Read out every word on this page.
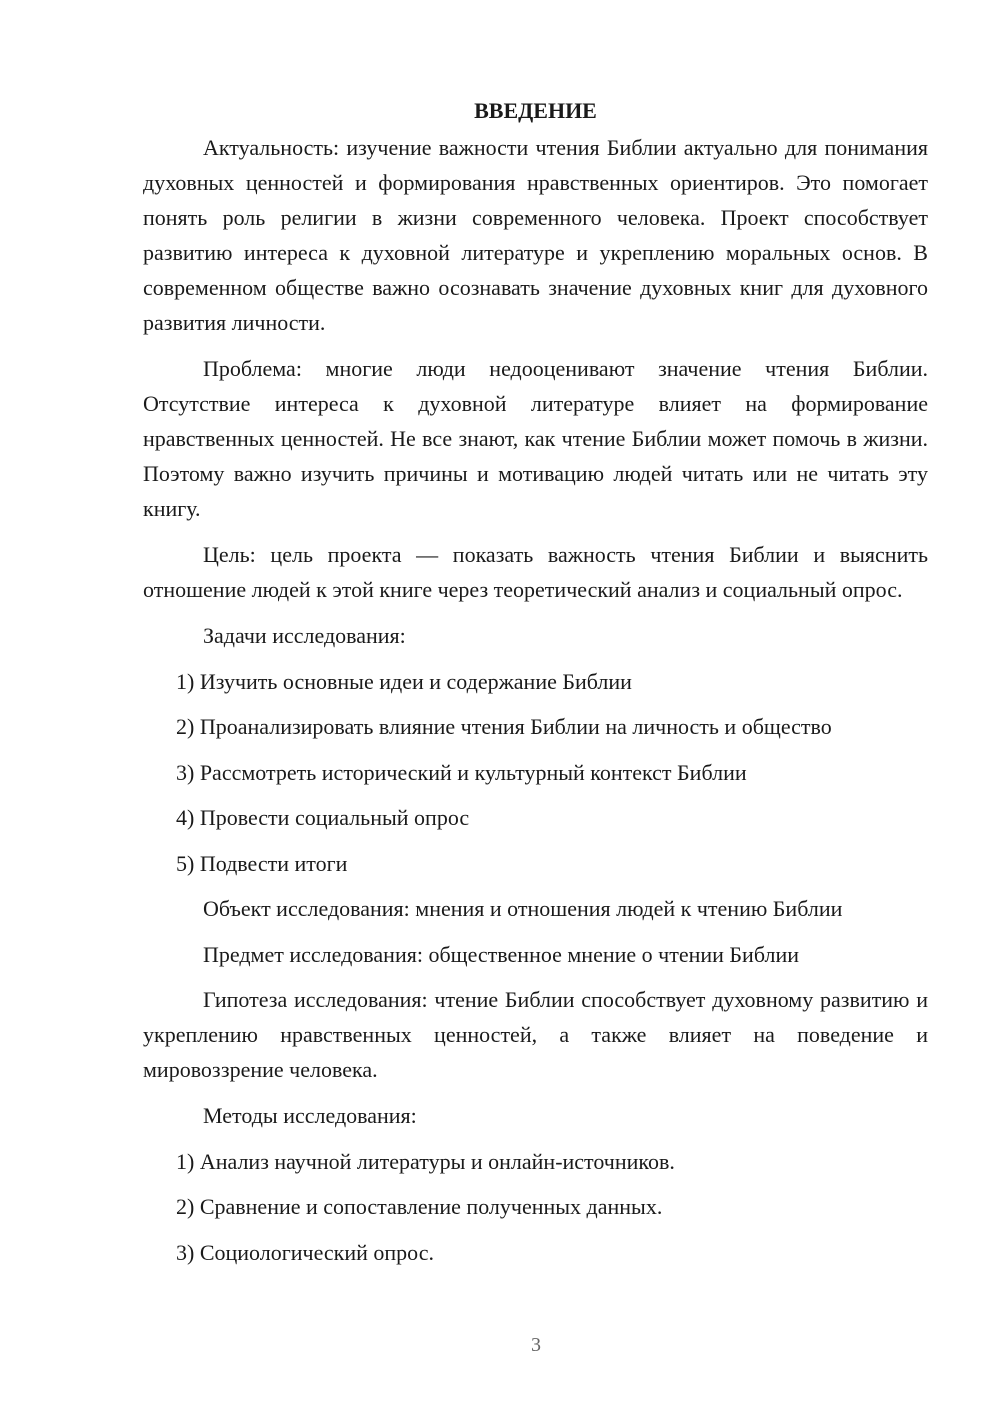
ВВЕДЕНИЕ

Актуальность: изучение важности чтения Библии актуально для понимания духовных ценностей и формирования нравственных ориентиров. Это помогает понять роль религии в жизни современного человека. Проект способствует развитию интереса к духовной литературе и укреплению моральных основ. В современном обществе важно осознавать значение духовных книг для духовного развития личности.

Проблема: многие люди недооценивают значение чтения Библии. Отсутствие интереса к духовной литературе влияет на формирование нравственных ценностей. Не все знают, как чтение Библии может помочь в жизни. Поэтому важно изучить причины и мотивацию людей читать или не читать эту книгу.

Цель: цель проекта — показать важность чтения Библии и выяснить отношение людей к этой книге через теоретический анализ и социальный опрос.

Задачи исследования:
1) Изучить основные идеи и содержание Библии
2) Проанализировать влияние чтения Библии на личность и общество
3) Рассмотреть исторический и культурный контекст Библии
4) Провести социальный опрос
5) Подвести итоги
Объект исследования: мнения и отношения людей к чтению Библии
Предмет исследования: общественное мнение о чтении Библии

Гипотеза исследования: чтение Библии способствует духовному развитию и укреплению нравственных ценностей, а также влияет на поведение и мировоззрение человека.

Методы исследования:
1) Анализ научной литературы и онлайн-источников.
2) Сравнение и сопоставление полученных данных.
3) Социологический опрос.
3
